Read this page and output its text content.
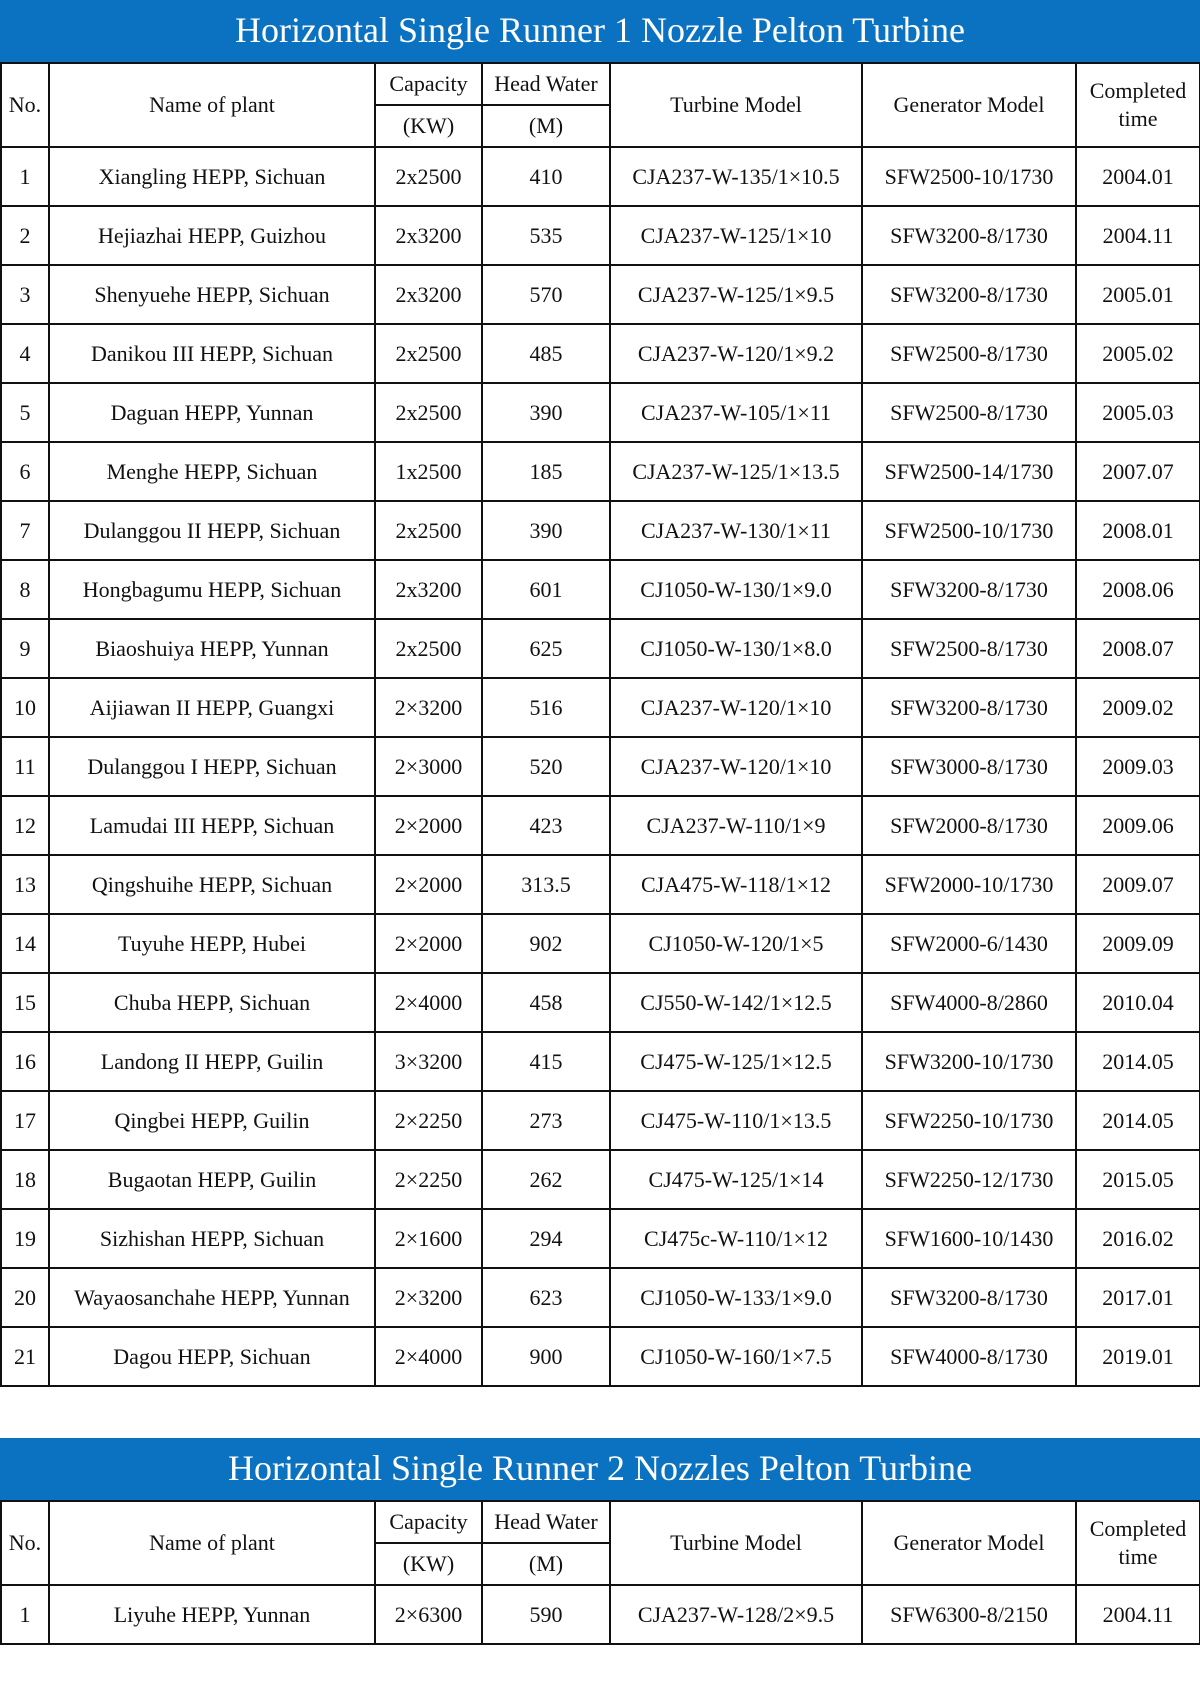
Horizontal Single Runner 1 Nozzle Pelton Turbine
No.	Name of plant	Capacity	Head Water	Turbine Model	Generator Model	Completed
time
		(KW)	(M)			
1	Xiangling HEPP, Sichuan	2x2500	410	CJA237-W-135/1×10.5	SFW2500-10/1730	2004.01
2	Hejiazhai HEPP, Guizhou	2x3200	535	CJA237-W-125/1×10	SFW3200-8/1730	2004.11
3	Shenyuehe HEPP, Sichuan	2x3200	570	CJA237-W-125/1×9.5	SFW3200-8/1730	2005.01
4	Danikou III HEPP, Sichuan	2x2500	485	CJA237-W-120/1×9.2	SFW2500-8/1730	2005.02
5	Daguan HEPP, Yunnan	2x2500	390	CJA237-W-105/1×11	SFW2500-8/1730	2005.03
6	Menghe HEPP, Sichuan	1x2500	185	CJA237-W-125/1×13.5	SFW2500-14/1730	2007.07
7	Dulanggou II HEPP, Sichuan	2x2500	390	CJA237-W-130/1×11	SFW2500-10/1730	2008.01
8	Hongbagumu HEPP, Sichuan	2x3200	601	CJ1050-W-130/1×9.0	SFW3200-8/1730	2008.06
9	Biaoshuiya HEPP, Yunnan	2x2500	625	CJ1050-W-130/1×8.0	SFW2500-8/1730	2008.07
10	Aijiawan II HEPP, Guangxi	2×3200	516	CJA237-W-120/1×10	SFW3200-8/1730	2009.02
11	Dulanggou I HEPP, Sichuan	2×3000	520	CJA237-W-120/1×10	SFW3000-8/1730	2009.03
12	Lamudai III HEPP, Sichuan	2×2000	423	CJA237-W-110/1×9	SFW2000-8/1730	2009.06
13	Qingshuihe HEPP, Sichuan	2×2000	313.5	CJA475-W-118/1×12	SFW2000-10/1730	2009.07
14	Tuyuhe HEPP, Hubei	2×2000	902	CJ1050-W-120/1×5	SFW2000-6/1430	2009.09
15	Chuba HEPP, Sichuan	2×4000	458	CJ550-W-142/1×12.5	SFW4000-8/2860	2010.04
16	Landong II HEPP, Guilin	3×3200	415	CJ475-W-125/1×12.5	SFW3200-10/1730	2014.05
17	Qingbei HEPP, Guilin	2×2250	273	CJ475-W-110/1×13.5	SFW2250-10/1730	2014.05
18	Bugaotan HEPP, Guilin	2×2250	262	CJ475-W-125/1×14	SFW2250-12/1730	2015.05
19	Sizhishan HEPP, Sichuan	2×1600	294	CJ475c-W-110/1×12	SFW1600-10/1430	2016.02
20	Wayaosanchahe HEPP, Yunnan	2×3200	623	CJ1050-W-133/1×9.0	SFW3200-8/1730	2017.01
21	Dagou HEPP, Sichuan	2×4000	900	CJ1050-W-160/1×7.5	SFW4000-8/1730	2019.01
Horizontal Single Runner 2 Nozzles Pelton Turbine
No.	Name of plant	Capacity	Head Water	Turbine Model	Generator Model	Completed
time
		(KW)	(M)			
1	Liyuhe HEPP, Yunnan	2×6300	590	CJA237-W-128/2×9.5	SFW6300-8/2150	2004.11
